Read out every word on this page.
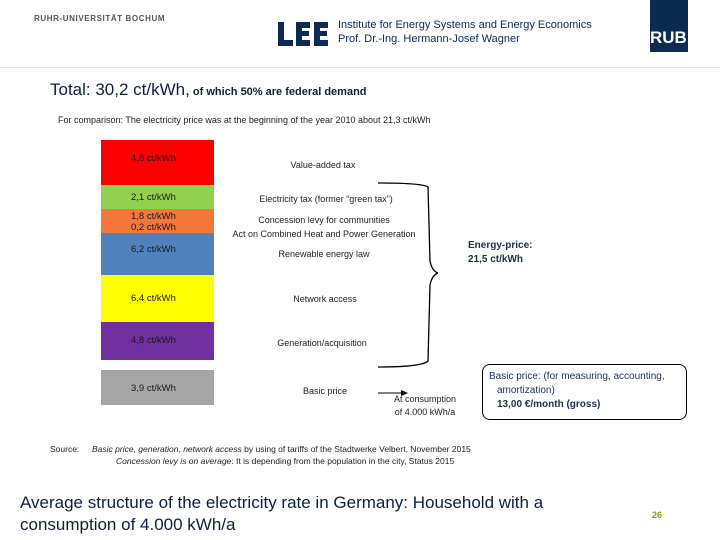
RUHR-UNIVERSITÄT BOCHUM
Institute for Energy Systems and Energy Economics
Prof. Dr.-Ing. Hermann-Josef Wagner	RUB
Total: 30,2 ct/kWh, of which 50% are federal demand
For comparison: The electricity price was at the beginning of the year 2010 about 21,3 ct/kWh
4,8 ct/kWh
2,1 ct/kWh
1,8 ct/kWh
0,2 ct/kWh
6,2 ct/kWh
6,4 ct/kWh
4,8 ct/kWh
3,9 ct/kWh
Value-added tax
Electricity tax (former “green tax”)
Concession levy for communities
Act on Combined Heat and Power Generation
Renewable energy law
Network access
Generation/acquisition
Basic price
Energy-price:
21,5 ct/kWh
At consumption
of 4.000 kWh/a
Basic price: (for measuring, accounting,
amortization)
13,00 €/month (gross)
Source: Basic price, generation, network access by using of tariffs of the Stadtwerke Velbert, November 2015
Concession levy is on average: It is depending from the population in the city, Status 2015
Average structure of the electricity rate in Germany: Household with a consumption of 4.000 kWh/a	26
